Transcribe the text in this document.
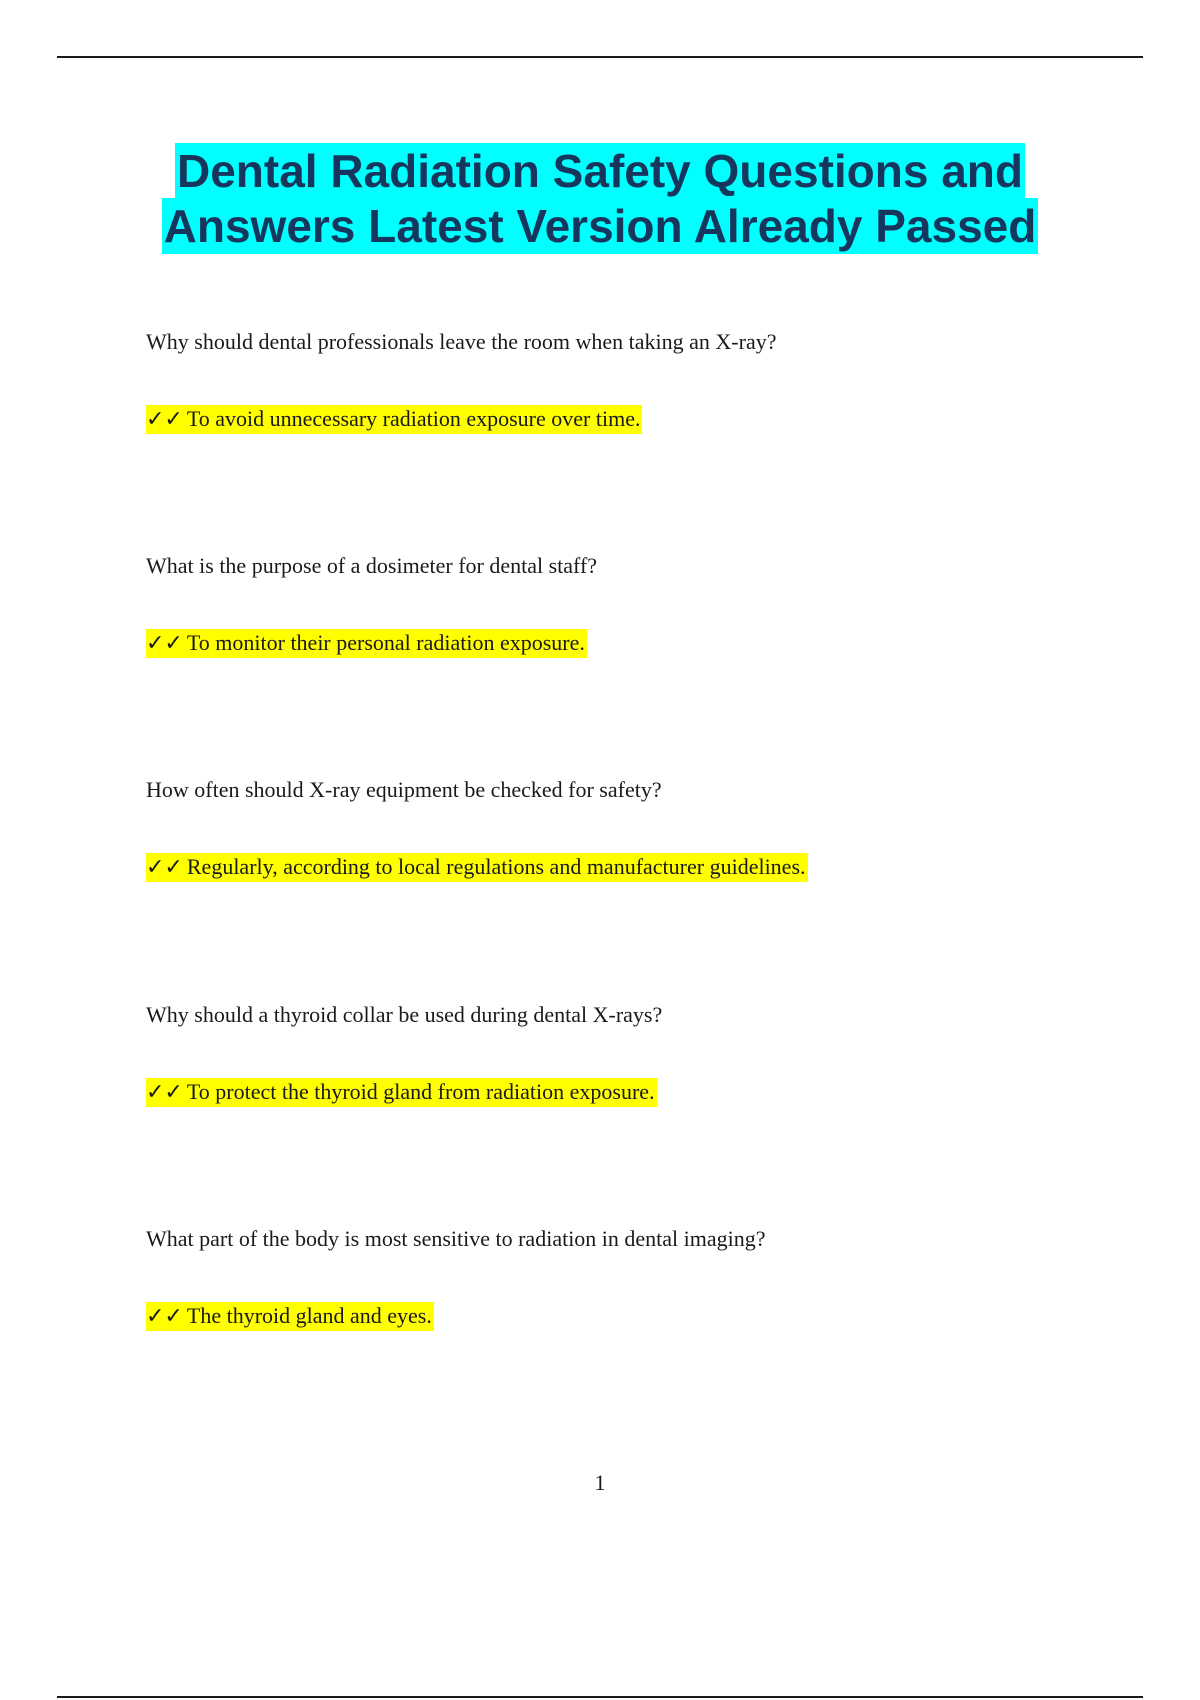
Dental Radiation Safety Questions and
Answers Latest Version Already Passed
Why should dental professionals leave the room when taking an X-ray?
✓✓ To avoid unnecessary radiation exposure over time.
What is the purpose of a dosimeter for dental staff?
✓✓ To monitor their personal radiation exposure.
How often should X-ray equipment be checked for safety?
✓✓ Regularly, according to local regulations and manufacturer guidelines.
Why should a thyroid collar be used during dental X-rays?
✓✓ To protect the thyroid gland from radiation exposure.
What part of the body is most sensitive to radiation in dental imaging?
✓✓ The thyroid gland and eyes.
1
